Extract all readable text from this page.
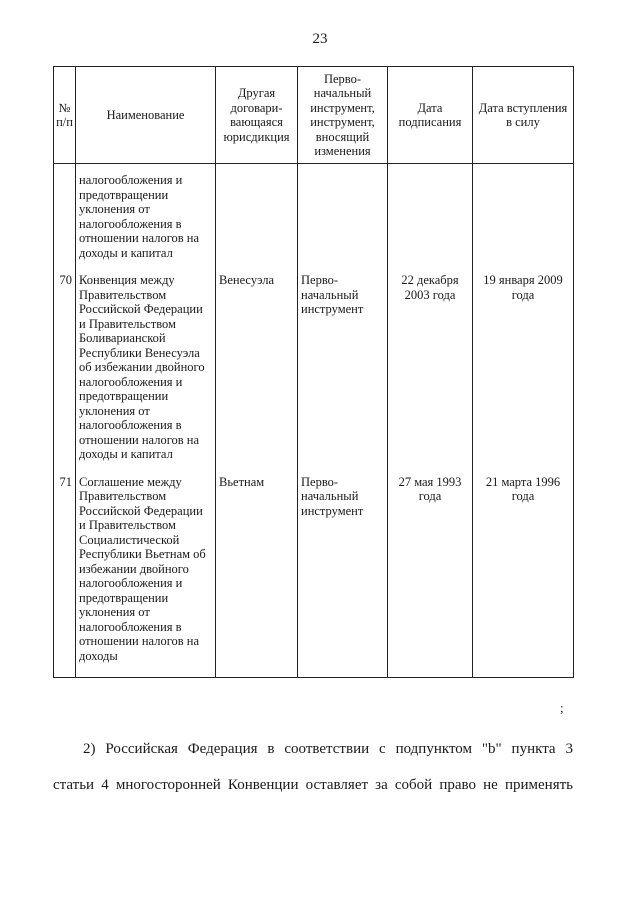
23
№ п/п	Наименование	Другая договари-вающаяся юрисдикция	Перво-начальный инструмент, инструмент, вносящий изменения	Дата подписания	Дата вступления в силу
	налогообложения и предотвращении уклонения от налогообложения в отношении налогов на доходы и капитал				
70	Конвенция между Правительством Российской Федерации и Правительством Боливарианской Республики Венесуэла об избежании двойного налогообложения и предотвращении уклонения от налогообложения в отношении налогов на доходы и капитал	Венесуэла	Перво-начальный инструмент	22 декабря 2003 года	19 января 2009 года
71	Соглашение между Правительством Российской Федерации и Правительством Социалистической Республики Вьетнам об избежании двойного налогообложения и предотвращении уклонения от налогообложения в отношении налогов на доходы	Вьетнам	Перво-начальный инструмент	27 мая 1993 года	21 марта 1996 года
;
2) Российская Федерация в соответствии с подпунктом "b" пункта 3
статьи 4 многосторонней Конвенции оставляет за собой право не применять
